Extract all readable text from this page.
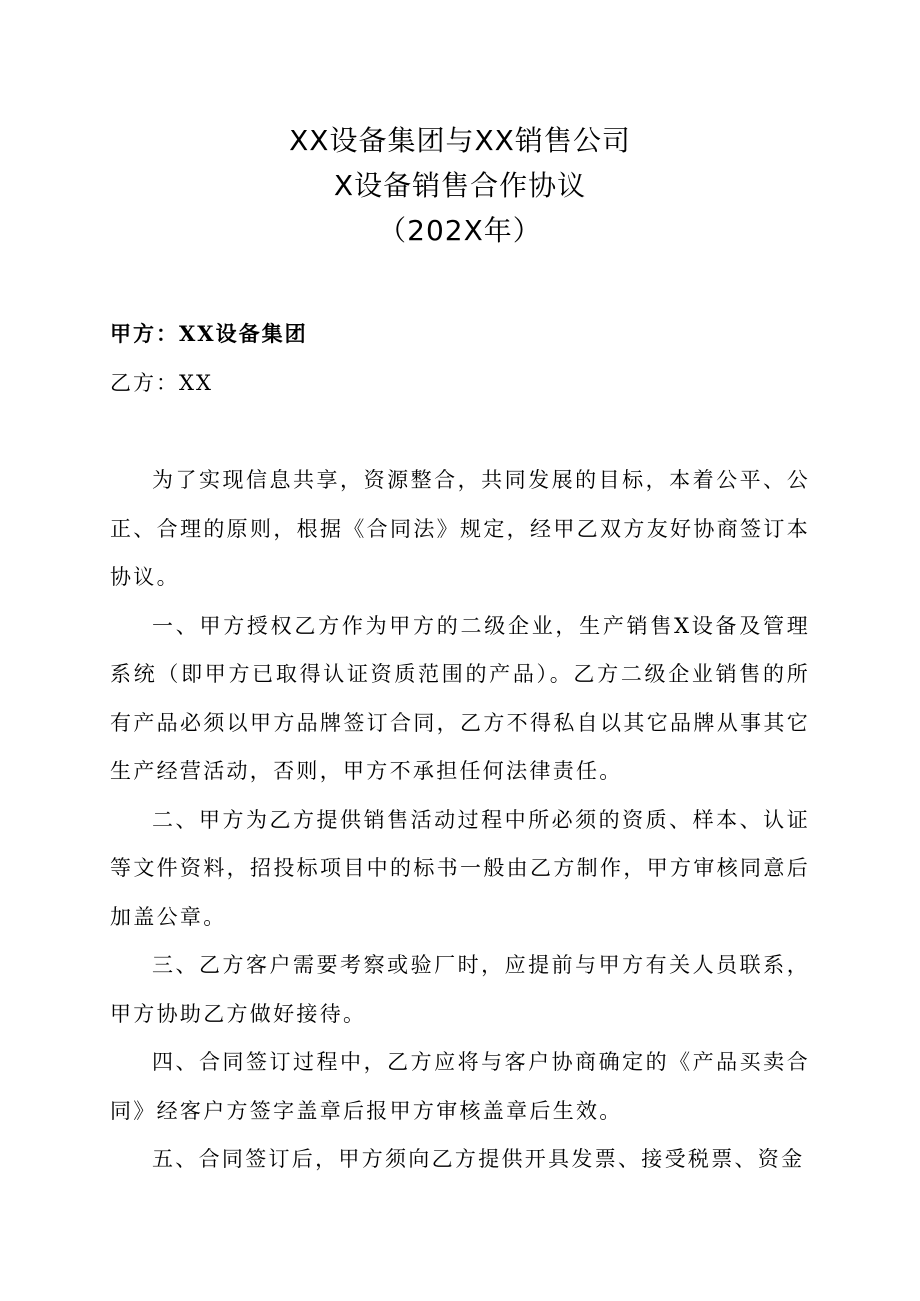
XX设备集团与XX销售公司
X设备销售合作协议
（202X年）
甲方：XX设备集团
乙方：XX

为了实现信息共享，资源整合，共同发展的目标，本着公平、公正、合理的原则，根据《合同法》规定，经甲乙双方友好协商签订本协议。

一、甲方授权乙方作为甲方的二级企业，生产销售X设备及管理系统（即甲方已取得认证资质范围的产品）。乙方二级企业销售的所有产品必须以甲方品牌签订合同，乙方不得私自以其它品牌从事其它生产经营活动，否则，甲方不承担任何法律责任。

二、甲方为乙方提供销售活动过程中所必须的资质、样本、认证等文件资料，招投标项目中的标书一般由乙方制作，甲方审核同意后加盖公章。

三、乙方客户需要考察或验厂时，应提前与甲方有关人员联系，甲方协助乙方做好接待。

四、合同签订过程中，乙方应将与客户协商确定的《产品买卖合同》经客户方签字盖章后报甲方审核盖章后生效。

五、合同签订后，甲方须向乙方提供开具发票、接受税票、资金
